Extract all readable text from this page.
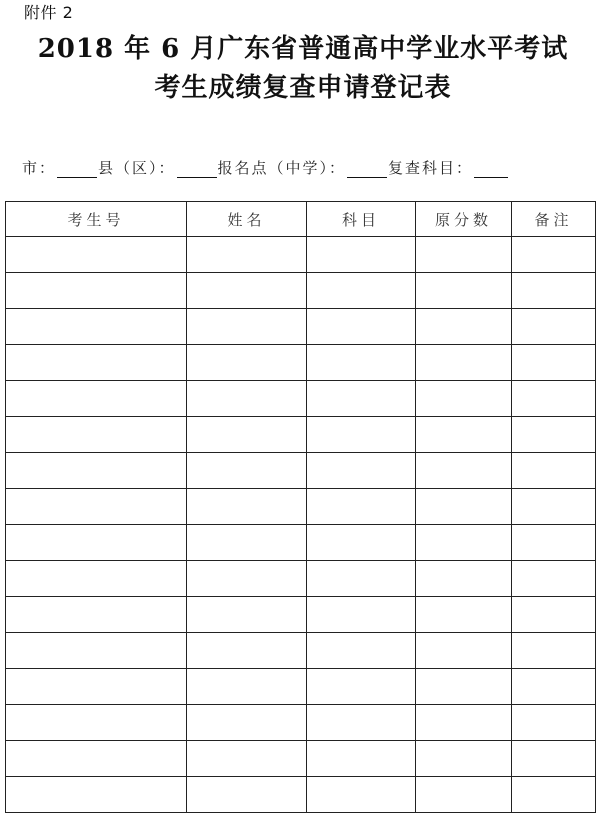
附件 2
2018 年 6 月广东省普通高中学业水平考试
考生成绩复查申请登记表
市：	县（区）：	报名点（中学）：	复查科目：
考生号	姓名	科目	原分数	备注
